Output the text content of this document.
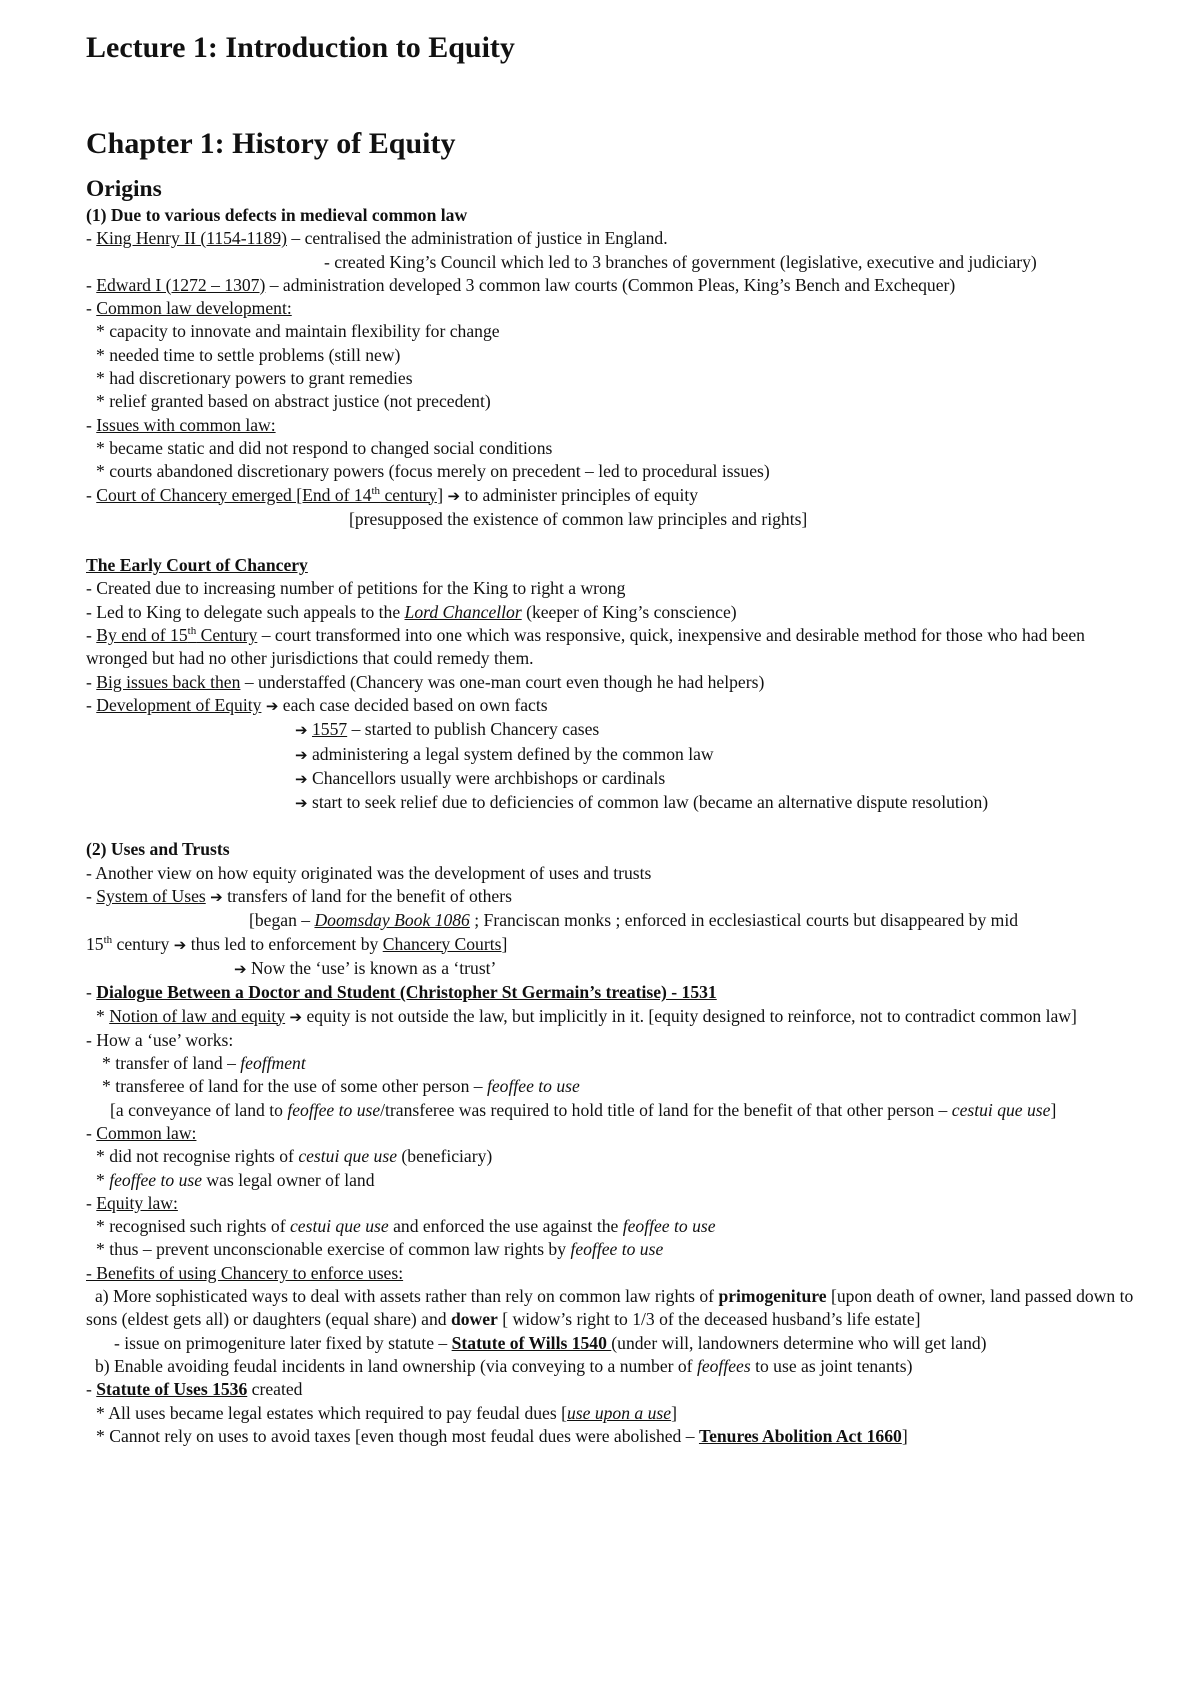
Lecture 1: Introduction to Equity
Chapter 1: History of Equity
Origins
(1) Due to various defects in medieval common law
- King Henry II (1154-1189) – centralised the administration of justice in England.
- created King’s Council which led to 3 branches of government (legislative, executive and judiciary)
- Edward I (1272 – 1307) – administration developed 3 common law courts (Common Pleas, King’s Bench and Exchequer)
- Common law development:
* capacity to innovate and maintain flexibility for change
* needed time to settle problems (still new)
* had discretionary powers to grant remedies
* relief granted based on abstract justice (not precedent)
- Issues with common law:
* became static and did not respond to changed social conditions
* courts abandoned discretionary powers (focus merely on precedent – led to procedural issues)
- Court of Chancery emerged [End of 14th century] ➔ to administer principles of equity
[presupposed the existence of common law principles and rights]
The Early Court of Chancery
- Created due to increasing number of petitions for the King to right a wrong
- Led to King to delegate such appeals to the Lord Chancellor (keeper of King’s conscience)
- By end of 15th Century – court transformed into one which was responsive, quick, inexpensive and desirable method for those who had been wronged but had no other jurisdictions that could remedy them.
- Big issues back then – understaffed (Chancery was one-man court even though he had helpers)
- Development of Equity ➔ each case decided based on own facts
➔ 1557 – started to publish Chancery cases
➔ administering a legal system defined by the common law
➔ Chancellors usually were archbishops or cardinals
➔ start to seek relief due to deficiencies of common law (became an alternative dispute resolution)
(2) Uses and Trusts
- Another view on how equity originated was the development of uses and trusts
- System of Uses ➔ transfers of land for the benefit of others
[began – Doomsday Book 1086 ; Franciscan monks ; enforced in ecclesiastical courts but disappeared by mid
15th century ➔ thus led to enforcement by Chancery Courts]
➔ Now the ‘use’ is known as a ‘trust’
- Dialogue Between a Doctor and Student (Christopher St Germain’s treatise) - 1531
* Notion of law and equity ➔ equity is not outside the law, but implicitly in it. [equity designed to reinforce, not to contradict common law]
- How a ‘use’ works:
* transfer of land – feoffment
* transferee of land for the use of some other person – feoffee to use
[a conveyance of land to feoffee to use/transferee was required to hold title of land for the benefit of that other person – cestui que use]
- Common law:
* did not recognise rights of cestui que use (beneficiary)
* feoffee to use was legal owner of land
- Equity law:
* recognised such rights of cestui que use and enforced the use against the feoffee to use
* thus – prevent unconscionable exercise of common law rights by feoffee to use
- Benefits of using Chancery to enforce uses:
a) More sophisticated ways to deal with assets rather than rely on common law rights of primogeniture [upon death of owner, land passed down to sons (eldest gets all) or daughters (equal share) and dower [ widow’s right to 1/3 of the deceased husband’s life estate]
- issue on primogeniture later fixed by statute – Statute of Wills 1540 (under will, landowners determine who will get land)
b) Enable avoiding feudal incidents in land ownership (via conveying to a number of feoffees to use as joint tenants)
- Statute of Uses 1536 created
* All uses became legal estates which required to pay feudal dues [use upon a use]
* Cannot rely on uses to avoid taxes [even though most feudal dues were abolished – Tenures Abolition Act 1660]
